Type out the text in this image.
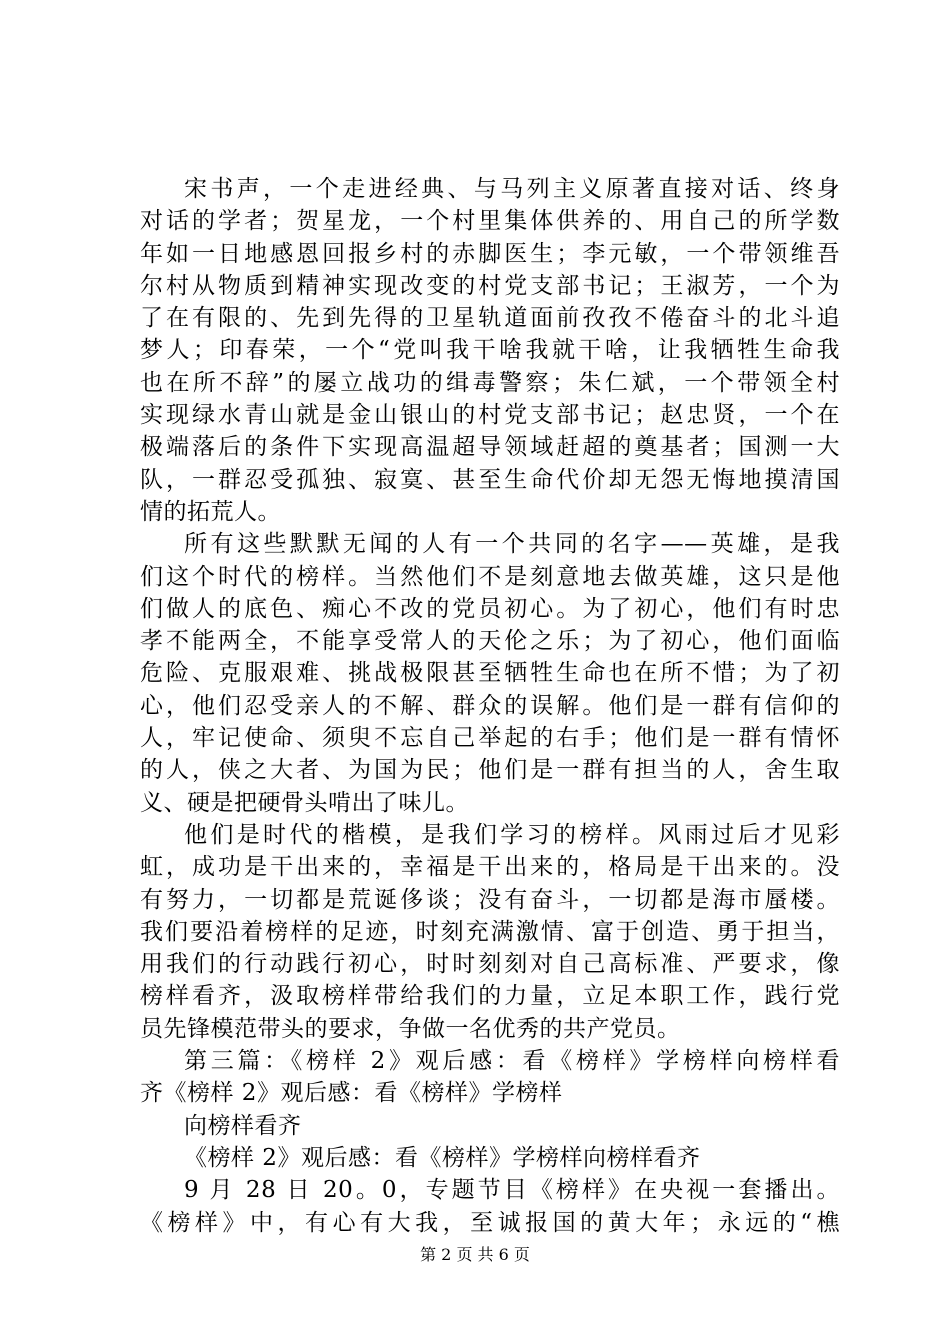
宋书声，一个走进经典、与马列主义原著直接对话、终身
对话的学者；贺星龙，一个村里集体供养的、用自己的所学数
年如一日地感恩回报乡村的赤脚医生；李元敏，一个带领维吾
尔村从物质到精神实现改变的村党支部书记；王淑芳，一个为
了在有限的、先到先得的卫星轨道面前孜孜不倦奋斗的北斗追
梦人；印春荣，一个“党叫我干啥我就干啥，让我牺牲生命我
也在所不辞”的屡立战功的缉毒警察；朱仁斌，一个带领全村
实现绿水青山就是金山银山的村党支部书记；赵忠贤，一个在
极端落后的条件下实现高温超导领域赶超的奠基者；国测一大
队，一群忍受孤独、寂寞、甚至生命代价却无怨无悔地摸清国
情的拓荒人。
所有这些默默无闻的人有一个共同的名字——英雄，是我
们这个时代的榜样。当然他们不是刻意地去做英雄，这只是他
们做人的底色、痴心不改的党员初心。为了初心，他们有时忠
孝不能两全，不能享受常人的天伦之乐；为了初心，他们面临
危险、克服艰难、挑战极限甚至牺牲生命也在所不惜；为了初
心，他们忍受亲人的不解、群众的误解。他们是一群有信仰的
人，牢记使命、须臾不忘自己举起的右手；他们是一群有情怀
的人，侠之大者、为国为民；他们是一群有担当的人，舍生取
义、硬是把硬骨头啃出了味儿。
他们是时代的楷模，是我们学习的榜样。风雨过后才见彩
虹，成功是干出来的，幸福是干出来的，格局是干出来的。没
有努力，一切都是荒诞侈谈；没有奋斗，一切都是海市蜃楼。
我们要沿着榜样的足迹，时刻充满激情、富于创造、勇于担当，
用我们的行动践行初心，时时刻刻对自己高标准、严要求，像
榜样看齐，汲取榜样带给我们的力量，立足本职工作，践行党
员先锋模范带头的要求，争做一名优秀的共产党员。
第三篇：《榜样 2》观后感：看《榜样》学榜样向榜样看
齐《榜样 2》观后感：看《榜样》学榜样
向榜样看齐
《榜样 2》观后感：看《榜样》学榜样向榜样看齐
9 月 28 日 20。0，专题节目《榜样》在央视一套播出。
《榜样》中，有心有大我，至诚报国的黄大年；永远的“樵
第 2 页 共 6 页
